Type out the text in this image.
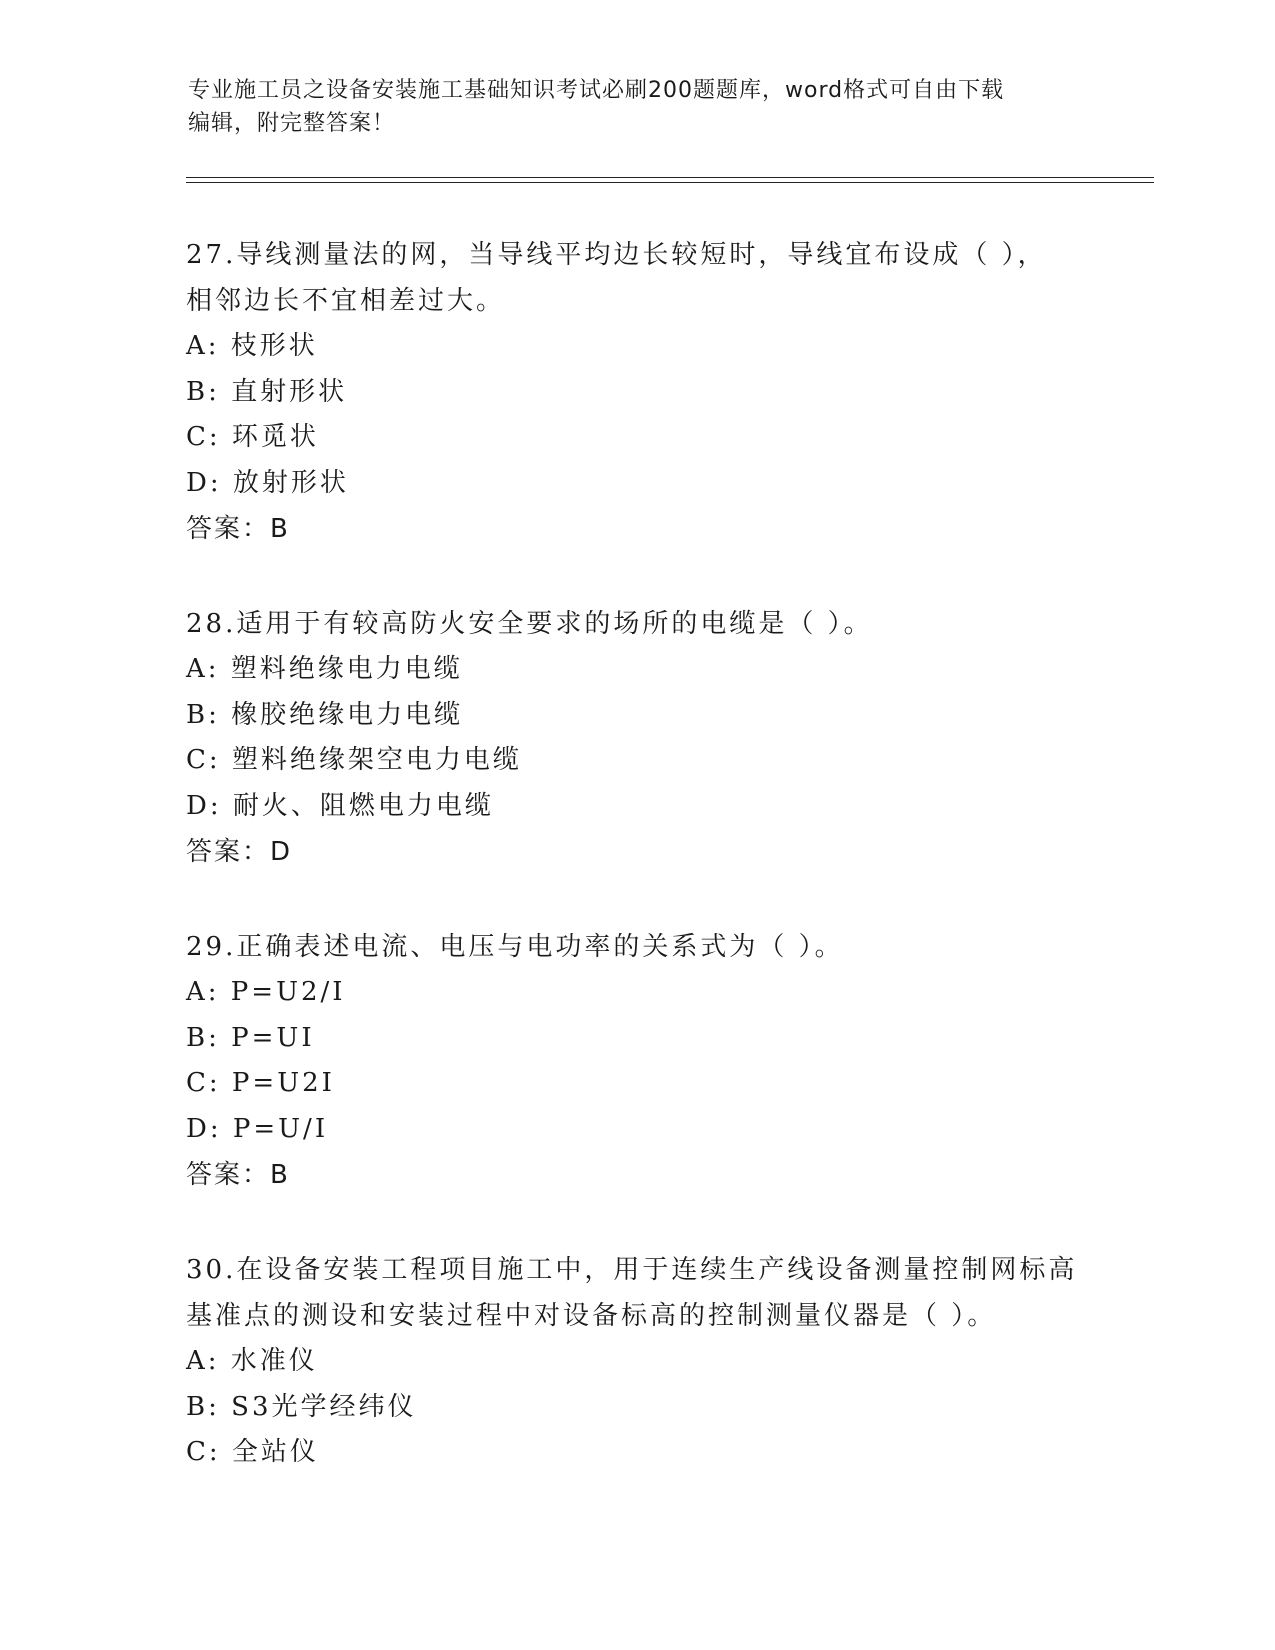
专业施工员之设备安装施工基础知识考试必刷200题题库，word格式可自由下载
编辑，附完整答案！

27.导线测量法的网，当导线平均边长较短时，导线宜布设成（ ），

相邻边长不宜相差过大。

A: 枝形状

B: 直射形状

C: 环觅状

D: 放射形状

答案：B

28.适用于有较高防火安全要求的场所的电缆是（ ）。

A: 塑料绝缘电力电缆

B: 橡胶绝缘电力电缆

C: 塑料绝缘架空电力电缆

D: 耐火、阻燃电力电缆

答案：D

29.正确表述电流、电压与电功率的关系式为（ ）。

A: P=U2/I

B: P=UI

C: P=U2I

D: P=U/I

答案：B

30.在设备安装工程项目施工中，用于连续生产线设备测量控制网标高

基准点的测设和安装过程中对设备标高的控制测量仪器是（ ）。

A: 水准仪

B: S3光学经纬仪

C: 全站仪
